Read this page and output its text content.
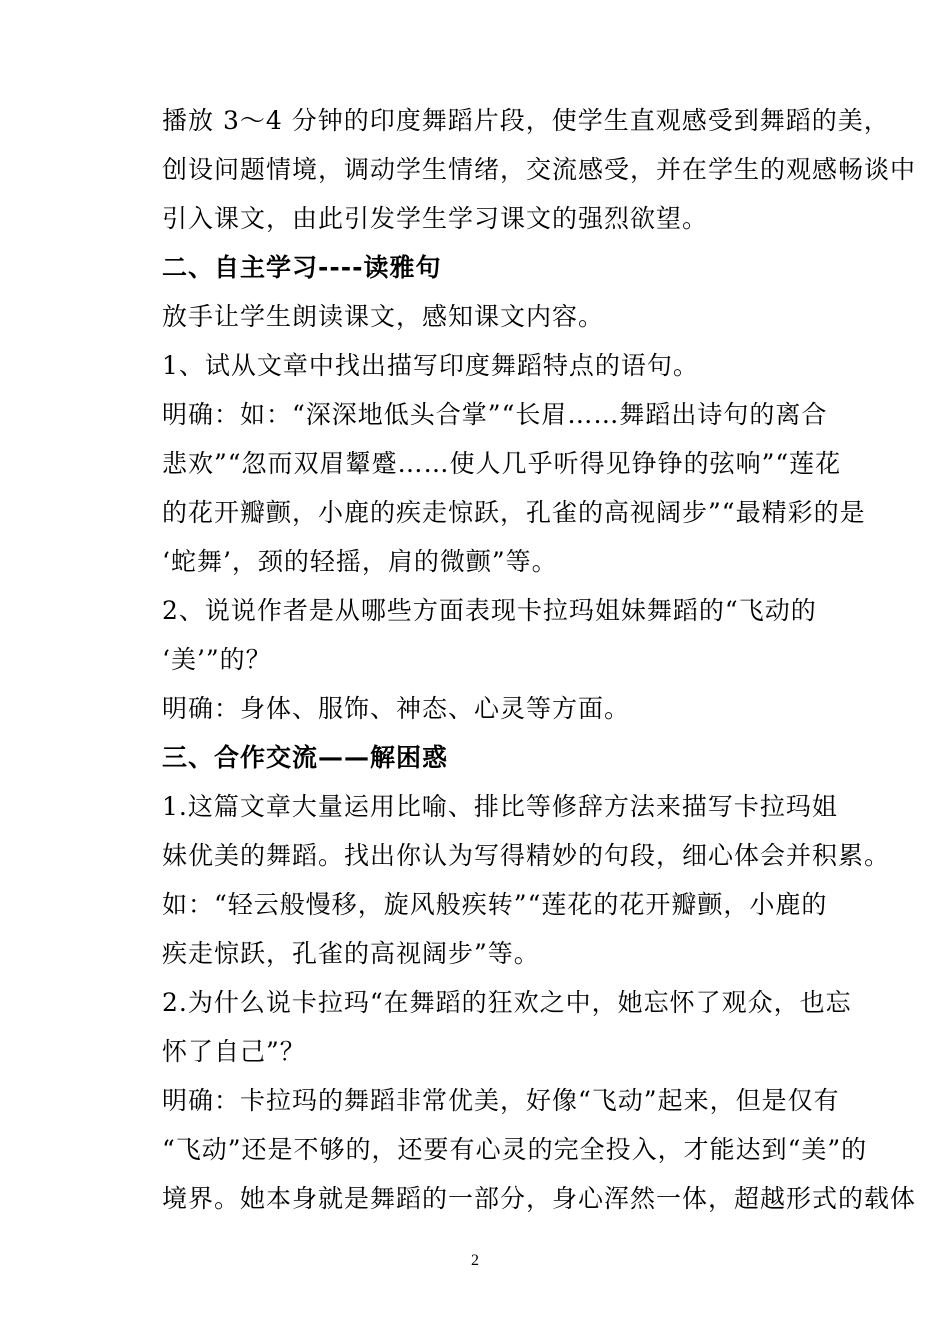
播放 3～4 分钟的印度舞蹈片段，使学生直观感受到舞蹈的美，
创设问题情境，调动学生情绪，交流感受，并在学生的观感畅谈中
引入课文，由此引发学生学习课文的强烈欲望。

二、自主学习----读雅句

放手让学生朗读课文，感知课文内容。

1、试从文章中找出描写印度舞蹈特点的语句。

明确：如：“深深地低头合掌”“长眉……舞蹈出诗句的离合
悲欢”“忽而双眉颦蹙……使人几乎听得见铮铮的弦响”“莲花
的花开瓣颤，小鹿的疾走惊跃，孔雀的高视阔步”“最精彩的是
‘蛇舞’，颈的轻摇，肩的微颤”等。

2、说说作者是从哪些方面表现卡拉玛姐妹舞蹈的“飞动的
‘美’”的？

明确：身体、服饰、神态、心灵等方面。

三、合作交流——解困惑

1.这篇文章大量运用比喻、排比等修辞方法来描写卡拉玛姐
妹优美的舞蹈。找出你认为写得精妙的句段，细心体会并积累。

如：“轻云般慢移，旋风般疾转”“莲花的花开瓣颤，小鹿的
疾走惊跃，孔雀的高视阔步”等。

2.为什么说卡拉玛“在舞蹈的狂欢之中，她忘怀了观众，也忘
怀了自己”？

明确：卡拉玛的舞蹈非常优美，好像“飞动”起来，但是仅有
“飞动”还是不够的，还要有心灵的完全投入，才能达到“美”的
境界。她本身就是舞蹈的一部分，身心浑然一体，超越形式的载体

2
